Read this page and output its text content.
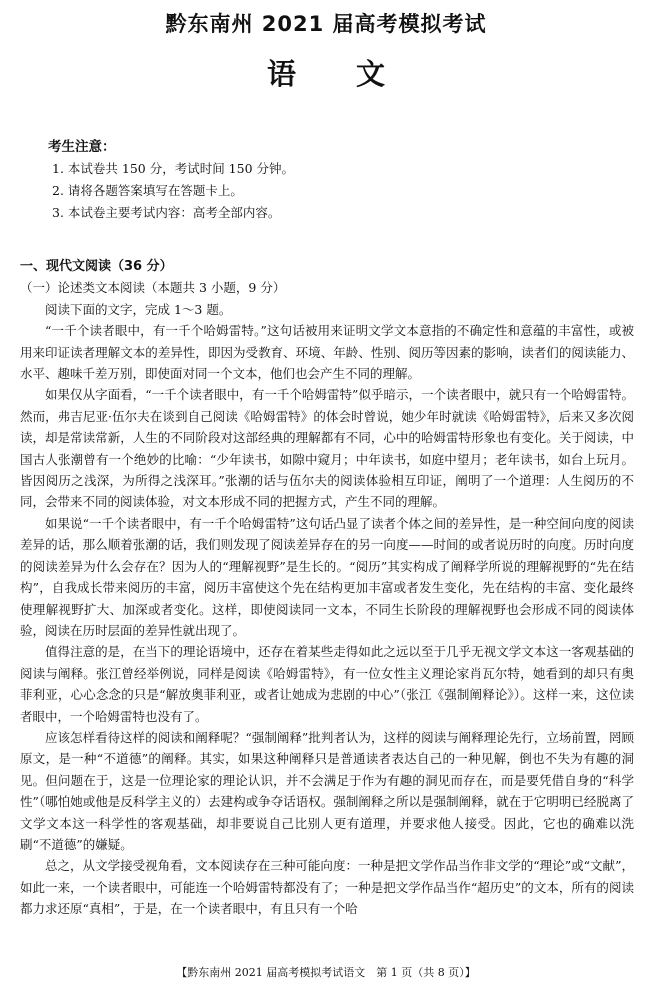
黔东南州 2021 届高考模拟考试
语文
考生注意：
1. 本试卷共 150 分，考试时间 150 分钟。
2. 请将各题答案填写在答题卡上。
3. 本试卷主要考试内容：高考全部内容。
一、现代文阅读（36 分）
（一）论述类文本阅读（本题共 3 小题，9 分）

阅读下面的文字，完成 1～3 题。

“一千个读者眼中，有一千个哈姆雷特。”这句话被用来证明文学文本意指的不确定性和意蕴的丰富性，或被用来印证读者理解文本的差异性，即因为受教育、环境、年龄、性别、阅历等因素的影响，读者们的阅读能力、水平、趣味千差万别，即使面对同一个文本，他们也会产生不同的理解。

如果仅从字面看，“一千个读者眼中，有一千个哈姆雷特”似乎暗示，一个读者眼中，就只有一个哈姆雷特。然而，弗吉尼亚·伍尔夫在谈到自己阅读《哈姆雷特》的体会时曾说，她少年时就读《哈姆雷特》，后来又多次阅读，却是常读常新，人生的不同阶段对这部经典的理解都有不同，心中的哈姆雷特形象也有变化。关于阅读，中国古人张潮曾有一个绝妙的比喻：“少年读书，如隙中窥月；中年读书，如庭中望月；老年读书，如台上玩月。皆因阅历之浅深，为所得之浅深耳。”张潮的话与伍尔夫的阅读体验相互印证，阐明了一个道理：人生阅历的不同，会带来不同的阅读体验，对文本形成不同的把握方式，产生不同的理解。

如果说“一千个读者眼中，有一千个哈姆雷特”这句话凸显了读者个体之间的差异性，是一种空间向度的阅读差异的话，那么顺着张潮的话，我们则发现了阅读差异存在的另一向度——时间的或者说历时的向度。历时向度的阅读差异为什么会存在？因为人的“理解视野”是生长的。“阅历”其实构成了阐释学所说的理解视野的“先在结构”，自我成长带来阅历的丰富，阅历丰富使这个先在结构更加丰富或者发生变化，先在结构的丰富、变化最终使理解视野扩大、加深或者变化。这样，即使阅读同一文本，不同生长阶段的理解视野也会形成不同的阅读体验，阅读在历时层面的差异性就出现了。

值得注意的是，在当下的理论语境中，还存在着某些走得如此之远以至于几乎无视文学文本这一客观基础的阅读与阐释。张江曾经举例说，同样是阅读《哈姆雷特》，有一位女性主义理论家肖瓦尔特，她看到的却只有奥菲利亚，心心念念的只是“解放奥菲利亚，或者让她成为悲剧的中心”（张江《强制阐释论》）。这样一来，这位读者眼中，一个哈姆雷特也没有了。

应该怎样看待这样的阅读和阐释呢？“强制阐释”批判者认为，这样的阅读与阐释理论先行，立场前置，罔顾原文，是一种“不道德”的阐释。其实，如果这种阐释只是普通读者表达自己的一种见解，倒也不失为有趣的洞见。但问题在于，这是一位理论家的理论认识，并不会满足于作为有趣的洞见而存在，而是要凭借自身的“科学性”（哪怕她或他是反科学主义的）去建构或争夺话语权。强制阐释之所以是强制阐释，就在于它明明已经脱离了文学文本这一科学性的客观基础，却非要说自己比别人更有道理，并要求他人接受。因此，它也的确难以洗刷“不道德”的嫌疑。

总之，从文学接受视角看，文本阅读存在三种可能向度：一种是把文学作品当作非文学的“理论”或“文献”，如此一来，一个读者眼中，可能连一个哈姆雷特都没有了；一种是把文学作品当作“超历史”的文本，所有的阅读都力求还原“真相”，于是，在一个读者眼中，有且只有一个哈

【黔东南州 2021 届高考模拟考试语文　第 1 页（共 8 页）】
